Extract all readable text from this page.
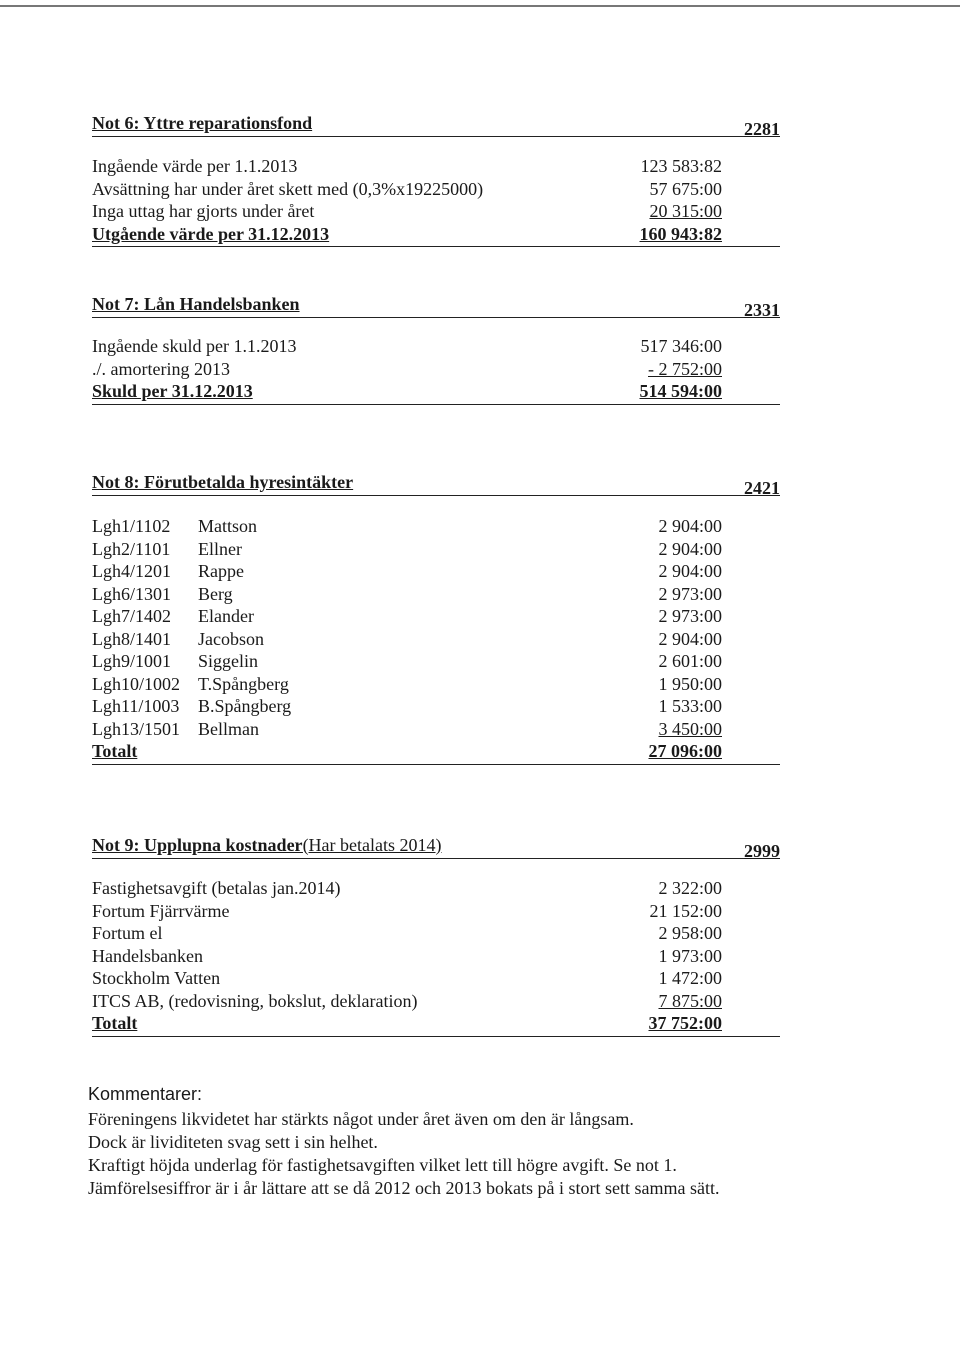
Not 6: Yttre reparationsfond	2281
Ingående värde per 1.1.2013	123 583:82
Avsättning har under året skett med (0,3%x19225000)	57 675:00
Inga uttag har gjorts under året	20 315:00
Utgående värde per 31.12.2013	160 943:82
Not 7: Lån Handelsbanken	2331
Ingående skuld per 1.1.2013	517 346:00
./. amortering 2013	- 2 752:00
Skuld per 31.12.2013	514 594:00
Not 8: Förutbetalda hyresintäkter	2421
Lgh1/1102 Mattson	2 904:00
Lgh2/1101 Ellner	2 904:00
Lgh4/1201 Rappe	2 904:00
Lgh6/1301 Berg	2 973:00
Lgh7/1402 Elander	2 973:00
Lgh8/1401 Jacobson	2 904:00
Lgh9/1001 Siggelin	2 601:00
Lgh10/1002 T.Spångberg	1 950:00
Lgh11/1003 B.Spångberg	1 533:00
Lgh13/1501 Bellman	3 450:00
Totalt	27 096:00
Not 9: Upplupna kostnader(Har betalats 2014)	2999
Fastighetsavgift (betalas jan.2014)	2 322:00
Fortum Fjärrvärme	21 152:00
Fortum el	2 958:00
Handelsbanken	1 973:00
Stockholm Vatten	1 472:00
ITCS AB, (redovisning, bokslut, deklaration)	7 875:00
Totalt	37 752:00
Kommentarer:
Föreningens likvidetet har stärkts något under året även om den är långsam.
Dock är lividiteten svag sett i sin helhet.
Kraftigt höjda underlag för fastighetsavgiften vilket lett till högre avgift. Se not 1.
Jämförelsesiffror är i år lättare att se då 2012 och 2013 bokats på i stort sett samma sätt.
